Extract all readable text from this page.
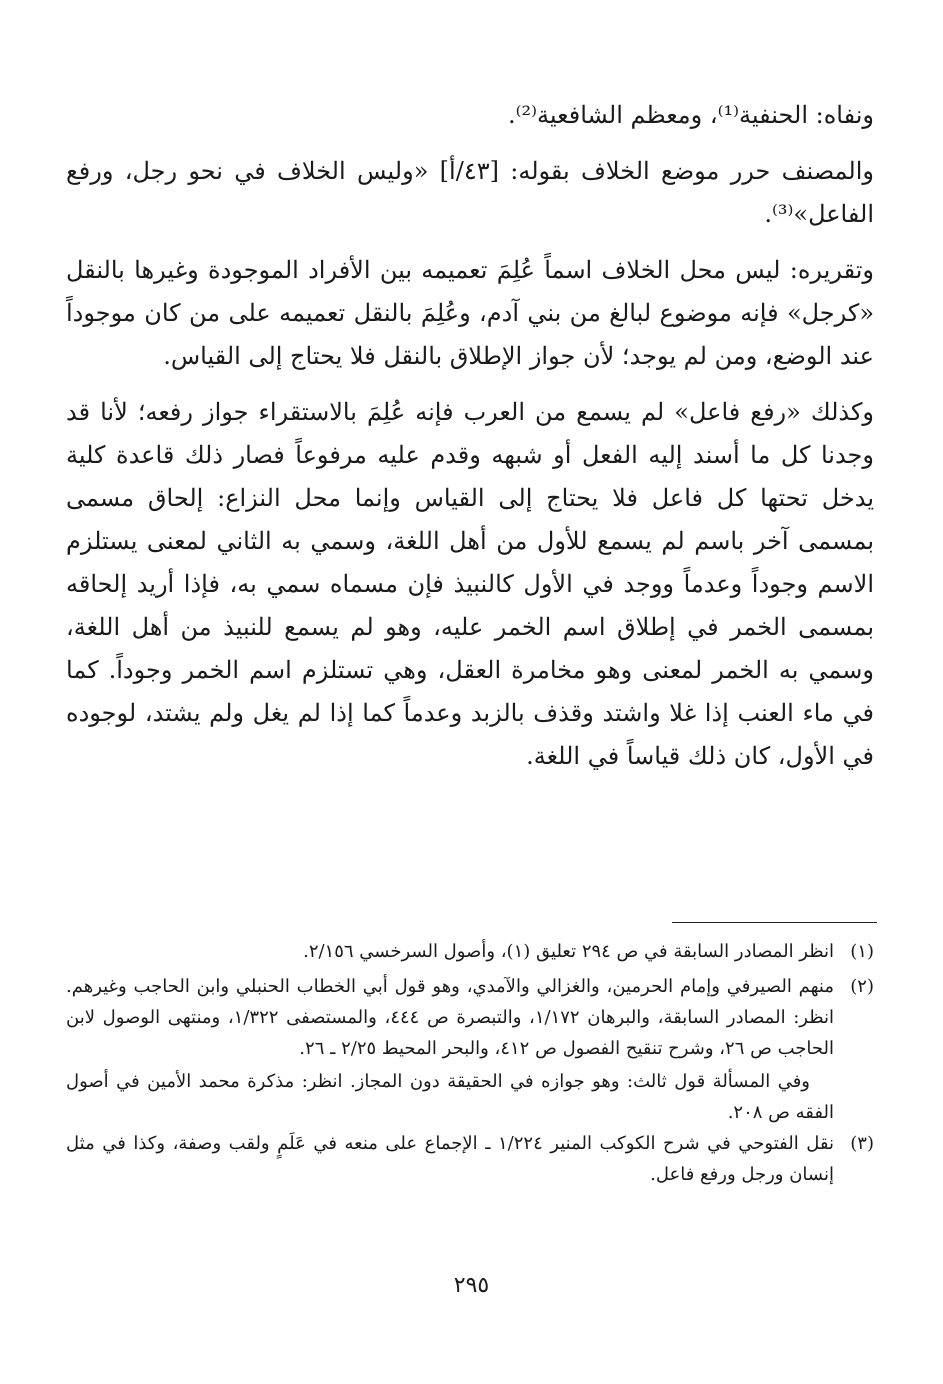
ونفاه: الحنفية⁽¹⁾، ومعظم الشافعية⁽²⁾.

والمصنف حرر موضع الخلاف بقوله: [٤٣/أ] «وليس الخلاف في نحو رجل، ورفع الفاعل»⁽³⁾.

وتقريره: ليس محل الخلاف اسماً عُلِمَ تعميمه بين الأفراد الموجودة وغيرها بالنقل «كرجل» فإنه موضوع لبالغ من بني آدم، وعُلِمَ بالنقل تعميمه على من كان موجوداً عند الوضع، ومن لم يوجد؛ لأن جواز الإطلاق بالنقل فلا يحتاج إلى القياس.

وكذلك «رفع فاعل» لم يسمع من العرب فإنه عُلِمَ بالاستقراء جواز رفعه؛ لأنا قد وجدنا كل ما أسند إليه الفعل أو شبهه وقدم عليه مرفوعاً فصار ذلك قاعدة كلية يدخل تحتها كل فاعل فلا يحتاج إلى القياس وإنما محل النزاع: إلحاق مسمى بمسمى آخر باسم لم يسمع للأول من أهل اللغة، وسمي به الثاني لمعنى يستلزم الاسم وجوداً وعدماً ووجد في الأول كالنبيذ فإن مسماه سمي به، فإذا أريد إلحاقه بمسمى الخمر في إطلاق اسم الخمر عليه، وهو لم يسمع للنبيذ من أهل اللغة، وسمي به الخمر لمعنى وهو مخامرة العقل، وهي تستلزم اسم الخمر وجوداً. كما في ماء العنب إذا غلا واشتد وقذف بالزبد وعدماً كما إذا لم يغل ولم يشتد، لوجوده في الأول، كان ذلك قياساً في اللغة.

(١)
انظر المصادر السابقة في ص ٢٩٤ تعليق (١)، وأصول السرخسي ٢/١٥٦.
(٢)
منهم الصيرفي وإمام الحرمين، والغزالي والآمدي، وهو قول أبي الخطاب الحنبلي وابن الحاجب وغيرهم. انظر: المصادر السابقة، والبرهان ١/١٧٢، والتبصرة ص ٤٤٤، والمستصفى ١/٣٢٢، ومنتهى الوصول لابن الحاجب ص ٢٦، وشرح تنقيح الفصول ص ٤١٢، والبحر المحيط ٢/٢٥ ـ ٢٦.
وفي المسألة قول ثالث: وهو جوازه في الحقيقة دون المجاز. انظر: مذكرة محمد الأمين في أصول الفقه ص ٢٠٨.
(٣)
نقل الفتوحي في شرح الكوكب المنير ١/٢٢٤ ـ الإجماع على منعه في عَلَمٍ ولقب وصفة، وكذا في مثل إنسان ورجل ورفع فاعل.
٢٩٥
